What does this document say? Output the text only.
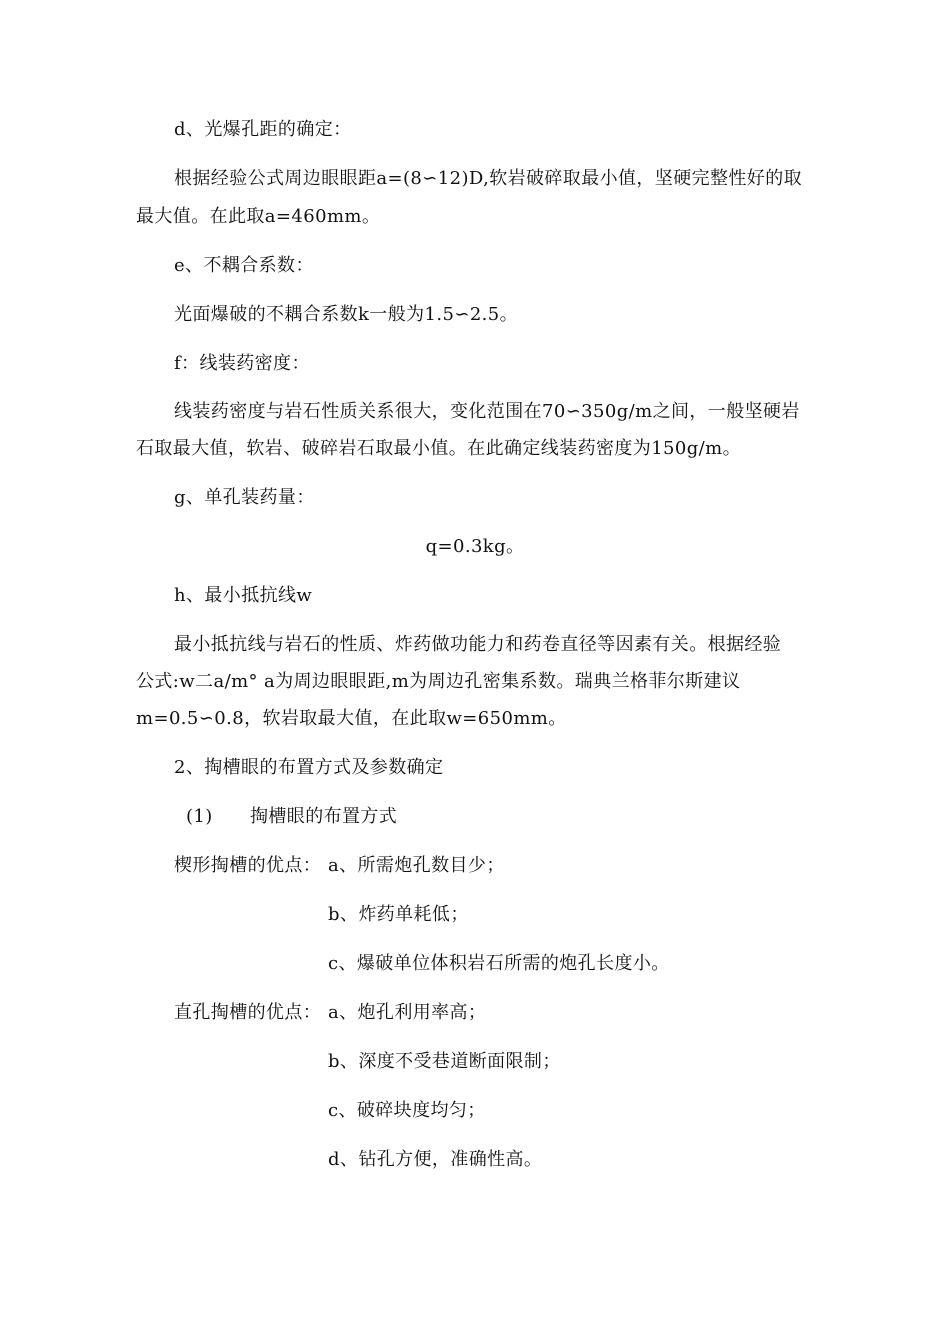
d、光爆孔距的确定：
根据经验公式周边眼眼距a=(8∽12)D,软岩破碎取最小值，坚硬完整性好的取
最大值。在此取a=460mm。
e、不耦合系数：
光面爆破的不耦合系数k一般为1.5∽2.5。
f：线装药密度：
线装药密度与岩石性质关系很大，变化范围在70∽350g/m之间，一般坚硬岩
石取最大值，软岩、破碎岩石取最小值。在此确定线装药密度为150g/m。
g、单孔装药量：
q=0.3kg。
h、最小抵抗线w
最小抵抗线与岩石的性质、炸药做功能力和药卷直径等因素有关。根据经验
公式:w二a/m° a为周边眼眼距,m为周边孔密集系数。瑞典兰格菲尔斯建议
m=0.5∽0.8，软岩取最大值，在此取w=650mm。
2、掏槽眼的布置方式及参数确定
(1) 掏槽眼的布置方式
楔形掏槽的优点： a、所需炮孔数目少；
b、炸药单耗低；
c、爆破单位体积岩石所需的炮孔长度小。
直孔掏槽的优点： a、炮孔利用率高；
b、深度不受巷道断面限制；
c、破碎块度均匀；
d、钻孔方便，准确性高。
